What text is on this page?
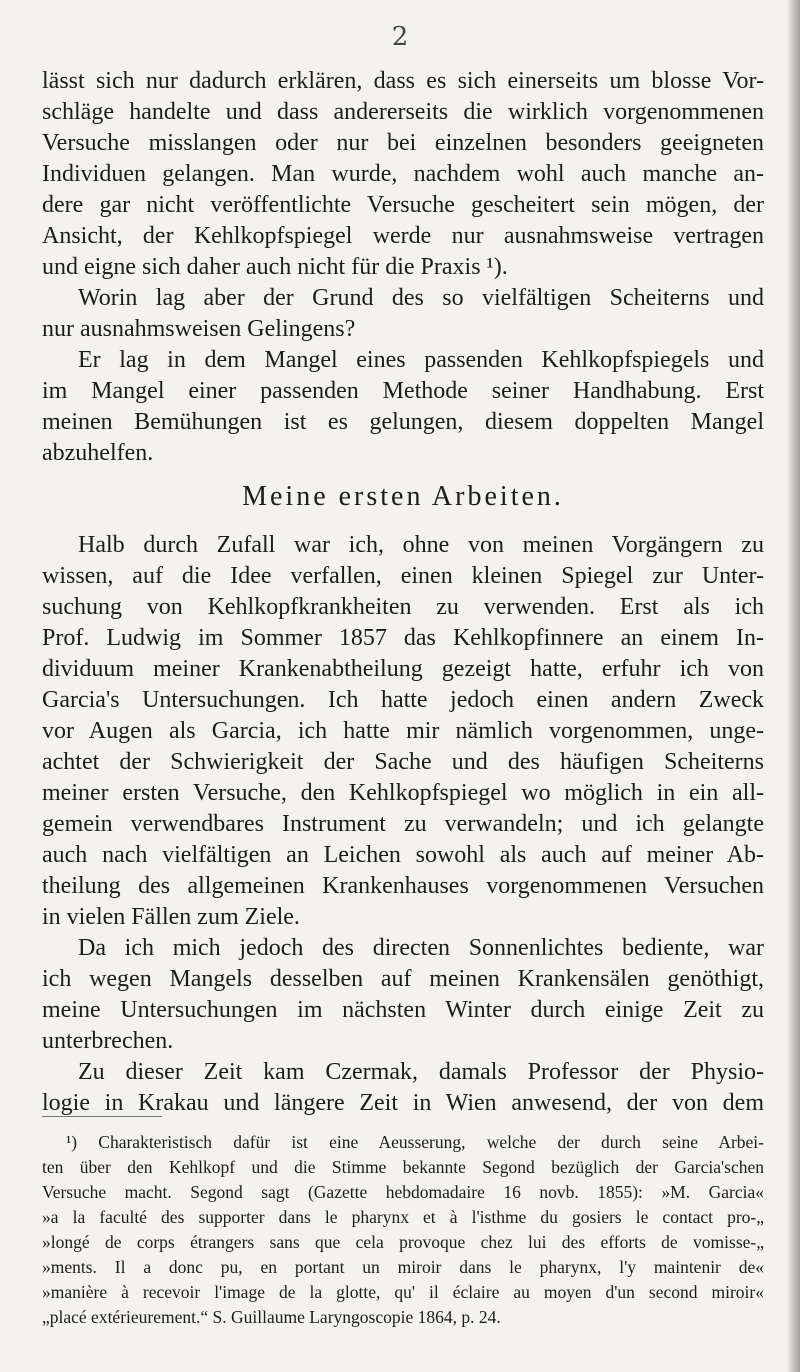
2
lässt sich nur dadurch erklären, dass es sich einerseits um blosse Vor-
schläge handelte und dass andererseits die wirklich vorgenommenen
Versuche misslangen oder nur bei einzelnen besonders geeigneten
Individuen gelangen. Man wurde, nachdem wohl auch manche an-
dere gar nicht veröffentlichte Versuche gescheitert sein mögen, der
Ansicht, der Kehlkopfspiegel werde nur ausnahmsweise vertragen
und eigne sich daher auch nicht für die Praxis ¹).
Worin lag aber der Grund des so vielfältigen Scheiterns und
nur ausnahmsweisen Gelingens?
Er lag in dem Mangel eines passenden Kehlkopfspiegels und
im Mangel einer passenden Methode seiner Handhabung. Erst
meinen Bemühungen ist es gelungen, diesem doppelten Mangel
abzuhelfen.
Meine ersten Arbeiten.
Halb durch Zufall war ich, ohne von meinen Vorgängern zu
wissen, auf die Idee verfallen, einen kleinen Spiegel zur Unter-
suchung von Kehlkopfkrankheiten zu verwenden. Erst als ich
Prof. Ludwig im Sommer 1857 das Kehlkopfinnere an einem In-
dividuum meiner Krankenabtheilung gezeigt hatte, erfuhr ich von
Garcia's Untersuchungen. Ich hatte jedoch einen andern Zweck
vor Augen als Garcia, ich hatte mir nämlich vorgenommen, unge-
achtet der Schwierigkeit der Sache und des häufigen Scheiterns
meiner ersten Versuche, den Kehlkopfspiegel wo möglich in ein all-
gemein verwendbares Instrument zu verwandeln; und ich gelangte
auch nach vielfältigen an Leichen sowohl als auch auf meiner Ab-
theilung des allgemeinen Krankenhauses vorgenommenen Versuchen
in vielen Fällen zum Ziele.
Da ich mich jedoch des directen Sonnenlichtes bediente, war
ich wegen Mangels desselben auf meinen Krankensälen genöthigt,
meine Untersuchungen im nächsten Winter durch einige Zeit zu
unterbrechen.
Zu dieser Zeit kam Czermak, damals Professor der Physio-
logie in Krakau und längere Zeit in Wien anwesend, der von dem
¹) Charakteristisch dafür ist eine Aeusserung, welche der durch seine Arbei-
ten über den Kehlkopf und die Stimme bekannte Segond bezüglich der Garcia'schen
Versuche macht. Segond sagt (Gazette hebdomadaire 16 novb. 1855): »M. Garcia«
»a la faculté des supporter dans le pharynx et à l'isthme du gosiers le contact pro-„
»longé de corps étrangers sans que cela provoque chez lui des efforts de vomisse-„
»ments. Il a donc pu, en portant un miroir dans le pharynx, l'y maintenir de«
»manière à recevoir l'image de la glotte, qu' il éclaire au moyen d'un second miroir«
„placé extérieurement.“ S. Guillaume Laryngoscopie 1864, p. 24.
